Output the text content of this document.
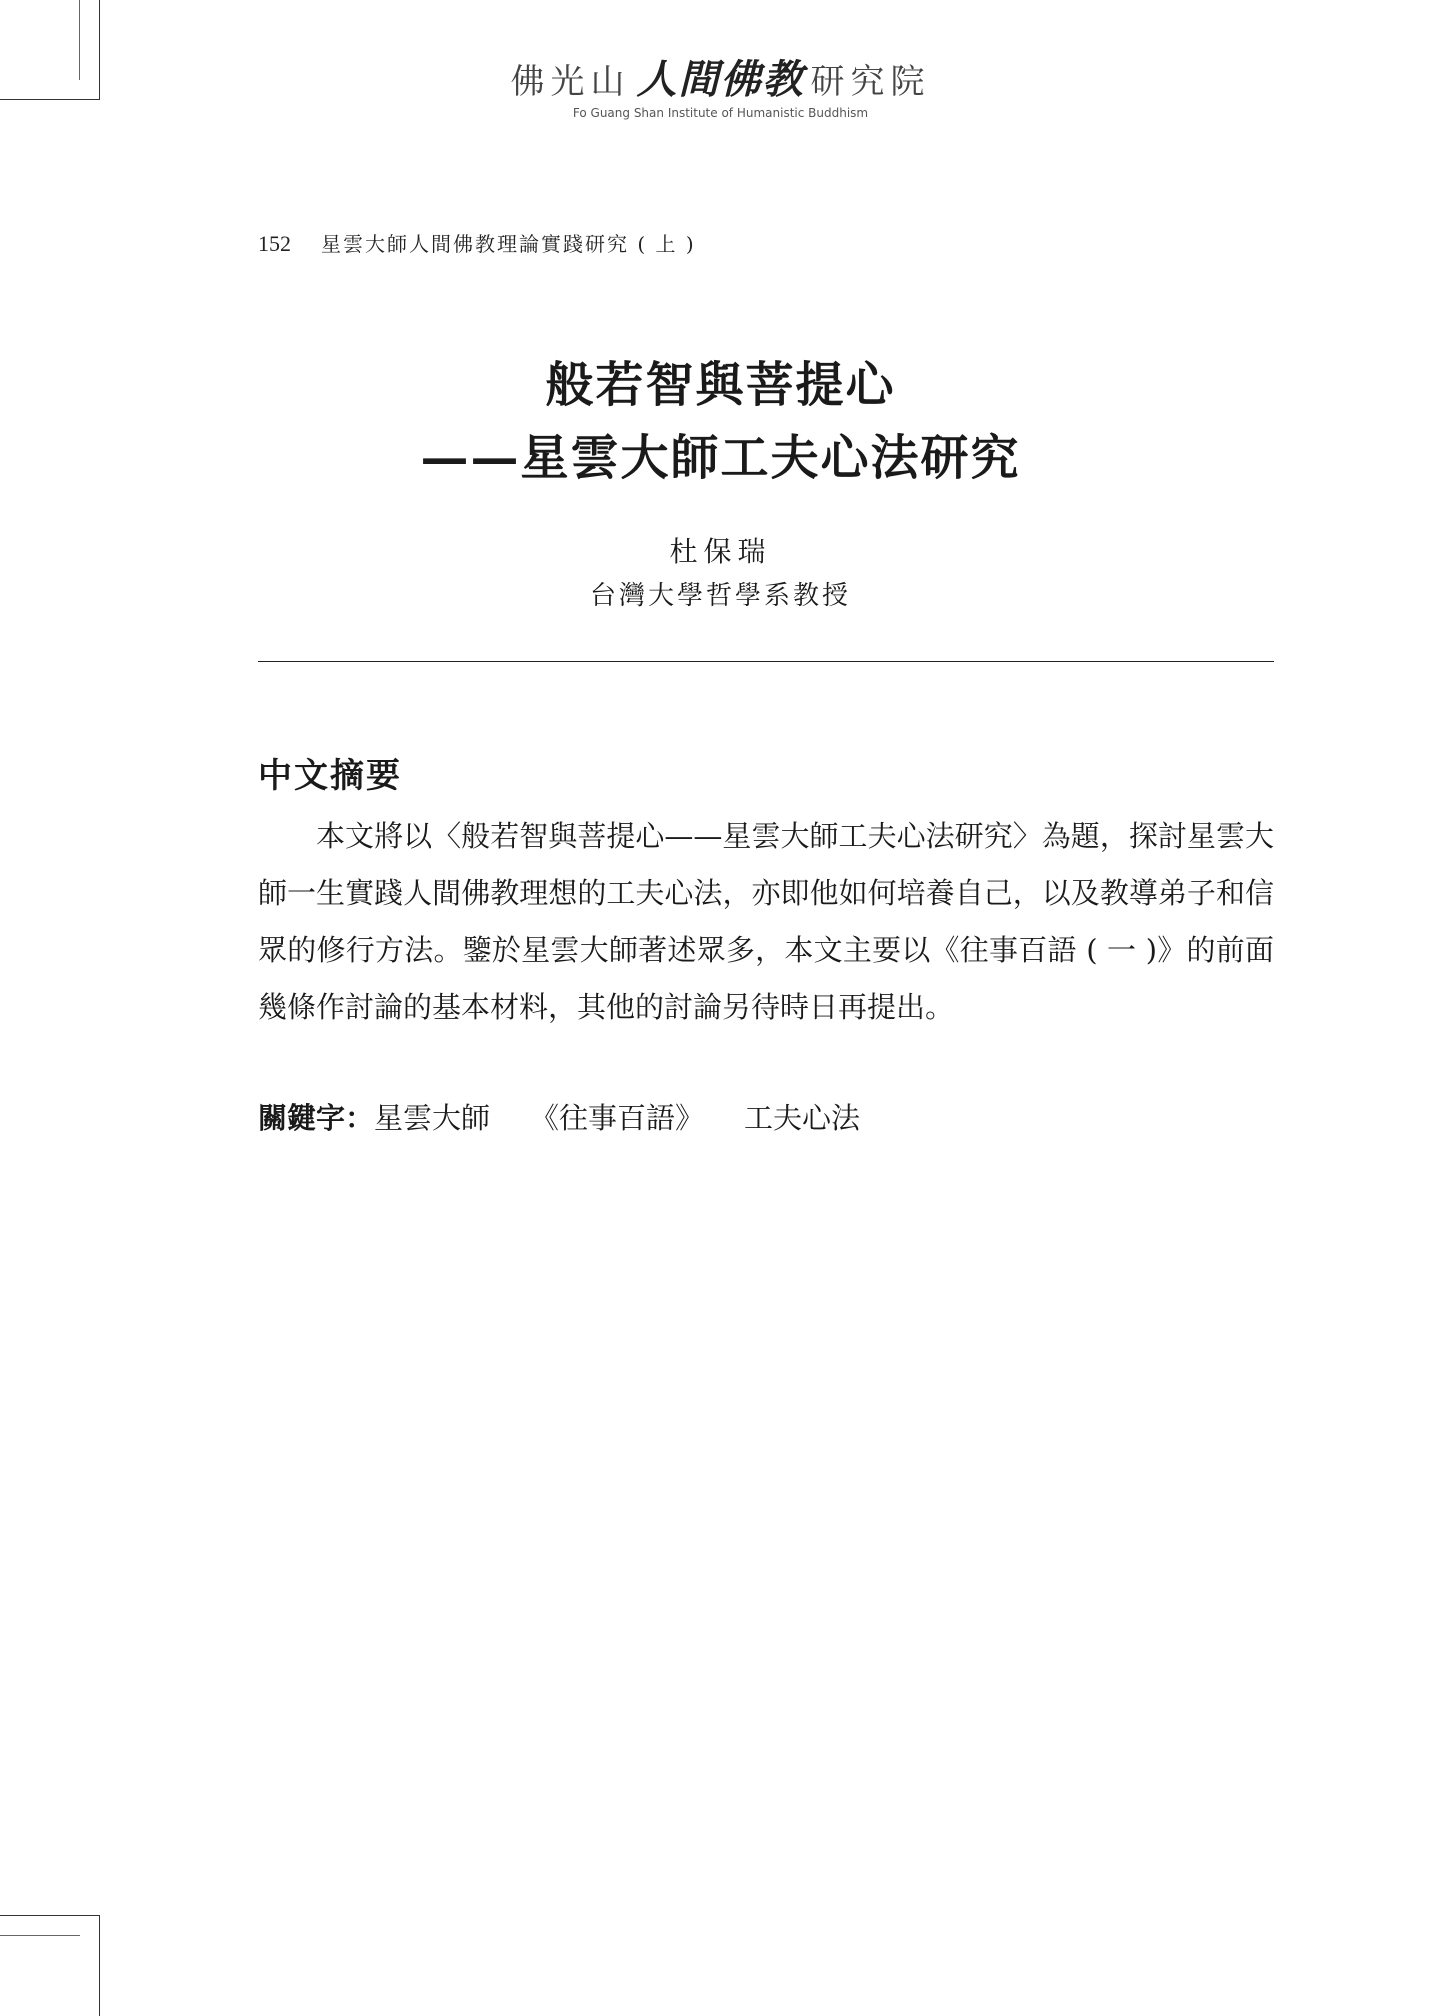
佛光山 人間佛教 研究院
Fo Guang Shan Institute of Humanistic Buddhism
152 星雲大師人間佛教理論實踐研究 ( 上 )
般若智與菩提心
——星雲大師工夫心法研究
杜保瑞
台灣大學哲學系教授
中文摘要

本文將以〈般若智與菩提心——星雲大師工夫心法研究〉為題，探討星雲大師一生實踐人間佛教理想的工夫心法，亦即他如何培養自己，以及教導弟子和信眾的修行方法。鑒於星雲大師著述眾多，本文主要以《往事百語 ( 一 )》的前面幾條作討論的基本材料，其他的討論另待時日再提出。

關鍵字：星雲大師 《往事百語》 工夫心法
